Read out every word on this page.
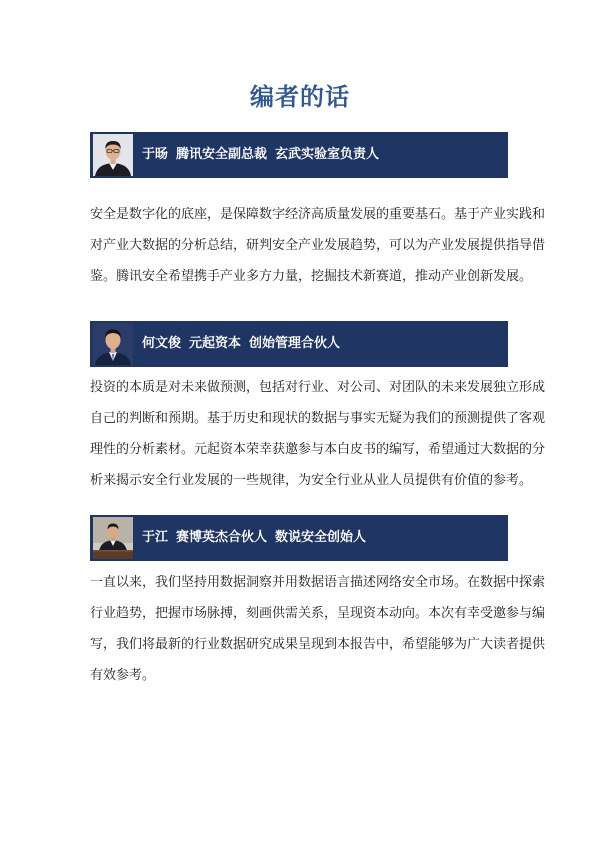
编者的话
于旸 腾讯安全副总裁 玄武实验室负责人
安全是数字化的底座，是保障数字经济高质量发展的重要基石。基于产业实践和
对产业大数据的分析总结，研判安全产业发展趋势，可以为产业发展提供指导借
鉴。腾讯安全希望携手产业多方力量，挖掘技术新赛道，推动产业创新发展。
何文俊 元起资本 创始管理合伙人
投资的本质是对未来做预测，包括对行业、对公司、对团队的未来发展独立形成
自己的判断和预期。基于历史和现状的数据与事实无疑为我们的预测提供了客观
理性的分析素材。元起资本荣幸获邀参与本白皮书的编写，希望通过大数据的分
析来揭示安全行业发展的一些规律，为安全行业从业人员提供有价值的参考。
于江 赛博英杰合伙人 数说安全创始人
一直以来，我们坚持用数据洞察并用数据语言描述网络安全市场。在数据中探索
行业趋势，把握市场脉搏，刻画供需关系，呈现资本动向。本次有幸受邀参与编
写，我们将最新的行业数据研究成果呈现到本报告中，希望能够为广大读者提供
有效参考。
